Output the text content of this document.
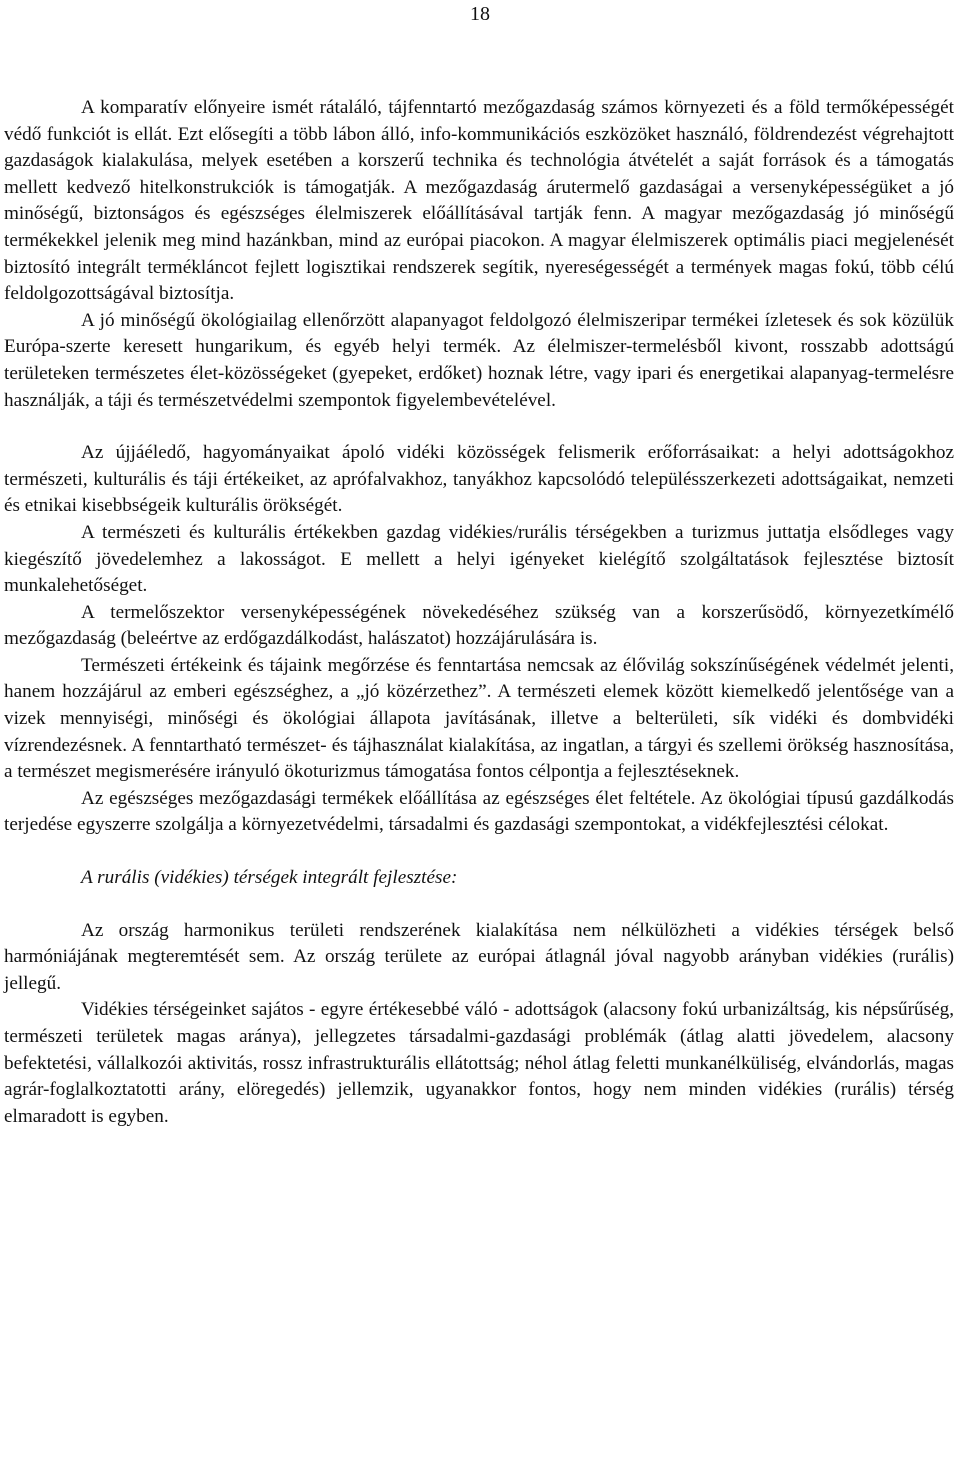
18

A komparatív előnyeire ismét rátaláló, tájfenntartó mezőgazdaság számos környezeti és a föld termőképességét védő funkciót is ellát. Ezt elősegíti a több lábon álló, info-kommunikációs eszközöket használó, földrendezést végrehajtott gazdaságok kialakulása, melyek esetében a korszerű technika és technológia átvételét a saját források és a támogatás mellett kedvező hitelkonstrukciók is támogatják. A mezőgazdaság árutermelő gazdaságai a versenyképességüket a jó minőségű, biztonságos és egészséges élelmiszerek előállításával tartják fenn. A magyar mezőgazdaság jó minőségű termékekkel jelenik meg mind hazánkban, mind az európai piacokon. A magyar élelmiszerek optimális piaci megjelenését biztosító integrált termékláncot fejlett logisztikai rendszerek segítik, nyereségességét a termények magas fokú, több célú feldolgozottságával biztosítja.

A jó minőségű ökológiailag ellenőrzött alapanyagot feldolgozó élelmiszeripar termékei ízletesek és sok közülük Európa-szerte keresett hungarikum, és egyéb helyi termék. Az élelmiszer-termelésből kivont, rosszabb adottságú területeken természetes élet-közösségeket (gyepeket, erdőket) hoznak létre, vagy ipari és energetikai alapanyag-termelésre használják, a táji és természetvédelmi szempontok figyelembevételével.

Az újjáéledő, hagyományaikat ápoló vidéki közösségek felismerik erőforrásaikat: a helyi adottságokhoz természeti, kulturális és táji értékeiket, az aprófalvakhoz, tanyákhoz kapcsolódó településszerkezeti adottságaikat, nemzeti és etnikai kisebbségeik kulturális örökségét.

A természeti és kulturális értékekben gazdag vidékies/rurális térségekben a turizmus juttatja elsődleges vagy kiegészítő jövedelemhez a lakosságot. E mellett a helyi igényeket kielégítő szolgáltatások fejlesztése biztosít munkalehetőséget.

A termelőszektor versenyképességének növekedéséhez szükség van a korszerűsödő, környezetkímélő mezőgazdaság (beleértve az erdőgazdálkodást, halászatot) hozzájárulására is.

Természeti értékeink és tájaink megőrzése és fenntartása nemcsak az élővilág sokszínűségének védelmét jelenti, hanem hozzájárul az emberi egészséghez, a „jó közérzethez”. A természeti elemek között kiemelkedő jelentősége van a vizek mennyiségi, minőségi és ökológiai állapota javításának, illetve a belterületi, sík vidéki és dombvidéki vízrendezésnek. A fenntartható természet- és tájhasználat kialakítása, az ingatlan, a tárgyi és szellemi örökség hasznosítása, a természet megismerésére irányuló ökoturizmus támogatása fontos célpontja a fejlesztéseknek.

Az egészséges mezőgazdasági termékek előállítása az egészséges élet feltétele. Az ökológiai típusú gazdálkodás terjedése egyszerre szolgálja a környezetvédelmi, társadalmi és gazdasági szempontokat, a vidékfejlesztési célokat.

A rurális (vidékies) térségek integrált fejlesztése:

Az ország harmonikus területi rendszerének kialakítása nem nélkülözheti a vidékies térségek belső harmóniájának megteremtését sem. Az ország területe az európai átlagnál jóval nagyobb arányban vidékies (rurális) jellegű.

Vidékies térségeinket sajátos - egyre értékesebbé váló - adottságok (alacsony fokú urbanizáltság, kis népsűrűség, természeti területek magas aránya), jellegzetes társadalmi-gazdasági problémák (átlag alatti jövedelem, alacsony befektetési, vállalkozói aktivitás, rossz infrastrukturális ellátottság; néhol átlag feletti munkanélküliség, elvándorlás, magas agrár-foglalkoztatotti arány, elöregedés) jellemzik, ugyanakkor fontos, hogy nem minden vidékies (rurális) térség elmaradott is egyben.
